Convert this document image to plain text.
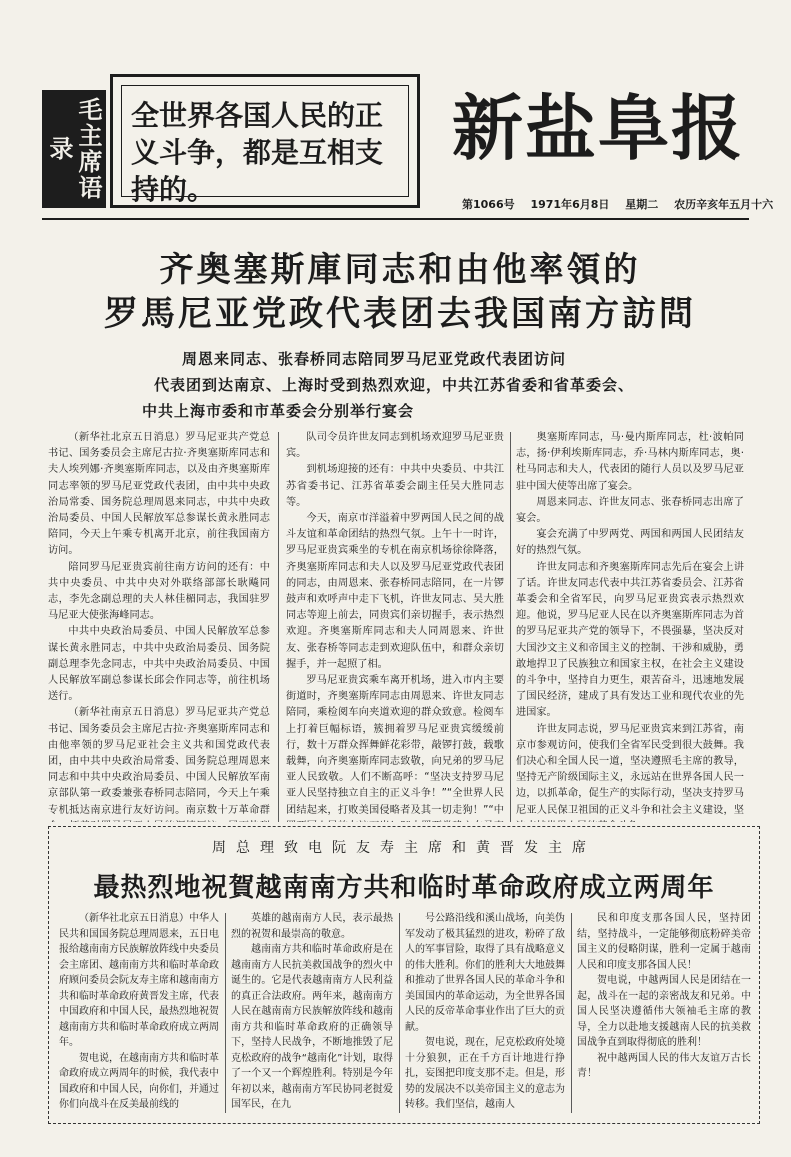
毛主席语录
全世界各国人民的正义斗争，都是互相支持的。
新盐阜报
第1066号 1971年6月8日 星期二 农历辛亥年五月十六
齐奥塞斯庫同志和由他率領的
罗馬尼亚党政代表团去我国南方訪問
周恩来同志、张春桥同志陪同罗马尼亚党政代表团访问
代表团到达南京、上海时受到热烈欢迎，中共江苏省委和省革委会、
中共上海市委和市革委会分别举行宴会

（新华社北京五日消息）罗马尼亚共产党总书记、国务委员会主席尼古拉·齐奥塞斯库同志和夫人埃列娜·齐奥塞斯库同志，以及由齐奥塞斯库同志率领的罗马尼亚党政代表团，由中共中央政治局常委、国务院总理周恩来同志，中共中央政治局委员、中国人民解放军总参谋长黄永胜同志陪同，今天上午乘专机离开北京，前往我国南方访问。

陪同罗马尼亚贵宾前往南方访问的还有：中共中央委员、中共中央对外联络部部长耿飚同志，李先念副总理的夫人林佳楣同志，我国驻罗马尼亚大使张海峰同志。

中共中央政治局委员、中国人民解放军总参谋长黄永胜同志，中共中央政治局委员、国务院副总理李先念同志，中共中央政治局委员、中国人民解放军副总参谋长邱会作同志等，前往机场送行。

（新华社南京五日消息）罗马尼亚共产党总书记、国务委员会主席尼古拉·齐奥塞斯库同志和由他率领的罗马尼亚社会主义共和国党政代表团，由中共中央政治局常委、国务院总理周恩来同志和中共中央政治局委员、中国人民解放军南京部队第一政委兼张春桥同志陪同，今天上午乘专机抵达南京进行友好访问。南京数十万革命群

队司令员许世友同志到机场欢迎罗马尼亚贵宾。

到机场迎接的还有：中共中央委员、中共江苏省委书记、江苏省革委会副主任吴大胜同志等。

今天，南京市洋溢着中罗两国人民之间的战斗友谊和革命团结的热烈气氛。上午十一时许，罗马尼亚贵宾乘坐的专机在南京机场徐徐降落，齐奥塞斯库同志和夫人以及罗马尼亚党政代表团的同志，由周恩来、张春桥同志陪同，在一片锣鼓声和欢呼声中走下飞机，许世友同志、吴大胜同志等迎上前去，同贵宾们亲切握手，表示热烈欢迎。齐奥塞斯库同志和夫人同周恩来、许世友、张春桥等同志走到欢迎队伍中，和群众亲切握手，并一起照了相。

罗马尼亚贵宾乘车离开机场，进入市内主要街道时，齐奥塞斯库同志由周恩来、许世友同志陪同，乘检阅车向夹道欢迎的群众致意。检阅车上打着巨幅标语，簇拥着罗马尼亚贵宾缓缓前行，数十万群众挥舞鲜花彩带，敲锣打鼓，载歌载舞，向齐奥塞斯库同志致敬，向兄弟的罗马尼亚人民致敬。人们不断高呼：“坚决支持罗马尼亚人民坚持独立自主的正义斗争！”“全世界人民团结起来，打败美国侵略者及其一切走狗！”“中

奥塞斯库同志，马·曼内斯库同志，杜·波帕同志，扬·伊利埃斯库同志，乔·马林内斯库同志，奥·杜马同志和夫人，代表团的随行人员以及罗马尼亚驻中国大使等出席了宴会。

周恩来同志、许世友同志、张春桥同志出席了宴会。

宴会充满了中罗两党、两国和两国人民团结友好的热烈气氛。

许世友同志和齐奥塞斯库同志先后在宴会上讲了话。许世友同志代表中共江苏省委员会、江苏省革委会和全省军民，向罗马尼亚贵宾表示热烈欢迎。他说，罗马尼亚人民在以齐奥塞斯库同志为首的罗马尼亚共产党的领导下，不畏强暴，坚决反对大国沙文主义和帝国主义的控制、干涉和威胁，勇敢地捍卫了民族独立和国家主权，在社会主义建设的斗争中，坚持自力更生，艰苦奋斗，迅速地发展了国民经济，建成了具有发达工业和现代农业的先进国家。

许世友同志说，罗马尼亚贵宾来到江苏省，南京市参观访问，使我们全省军民受到很大鼓舞。我们决心和全国人民一道，坚决遵照毛主席的教导，坚持无产阶级国际主义，永远站在世界各国人民一边，以抓革命，促生产的实际行动，坚决支持罗马尼亚人民保卫祖国的正义斗争和社会主义建设，坚

周总理致电阮友寿主席和黄晋发主席
最热烈地祝賀越南南方共和临时革命政府成立两周年

（新华社北京五日消息）中华人民共和国国务院总理周恩来，五日电报给越南南方民族解放阵线中央委员会主席团、越南南方共和临时革命政府顾问委员会阮友寿主席和越南南方共和临时革命政府黄晋发主席，代表中国政府和中国人民，最热烈地祝贺越南南方共和临时革命政府成立两周年。

贺电说，在越南南方共和临时革命政府成立两周年的时候，我代表中国政府和中国人民，向你们，并通过你们向战斗在反美最前线的

英雄的越南南方人民，表示最热烈的祝贺和最崇高的敬意。

越南南方共和临时革命政府是在越南南方人民抗美救国战争的烈火中诞生的。它是代表越南南方人民利益的真正合法政府。两年来，越南南方人民在越南南方民族解放阵线和越南南方共和临时革命政府的正确领导下，坚持人民战争，不断地推毁了尼克松政府的战争“越南化”计划，取得了一个又一个辉煌胜利。特别是今年年初以来，越南南方军民协同老挝爱国军民，在九

号公路沿线和溪山战场，向美伪军发动了极其猛烈的进攻，粉碎了敌人的军事冒险，取得了具有战略意义的伟大胜利。你们的胜利大大地鼓舞和推动了世界各国人民的革命斗争和美国国内的革命运动，为全世界各国人民的反帝革命事业作出了巨大的贡献。

贺电说，现在，尼克松政府处境十分狼狈，正在千方百计地进行挣扎，妄图把印度支那不走。但是，形势的发展决不以美帝国主义的意志为转移。我们坚信，越南人

民和印度支那各国人民，坚持团结，坚持战斗，一定能够彻底粉碎美帝国主义的侵略阴谋，胜利一定属于越南人民和印度支那各国人民！

贺电说，中越两国人民是团结在一起，战斗在一起的亲密战友和兄弟。中国人民坚决遵循伟大领袖毛主席的教导，全力以赴地支援越南人民的抗美救国战争直到取得彻底的胜利！

祝中越两国人民的伟大友谊万古长青！
